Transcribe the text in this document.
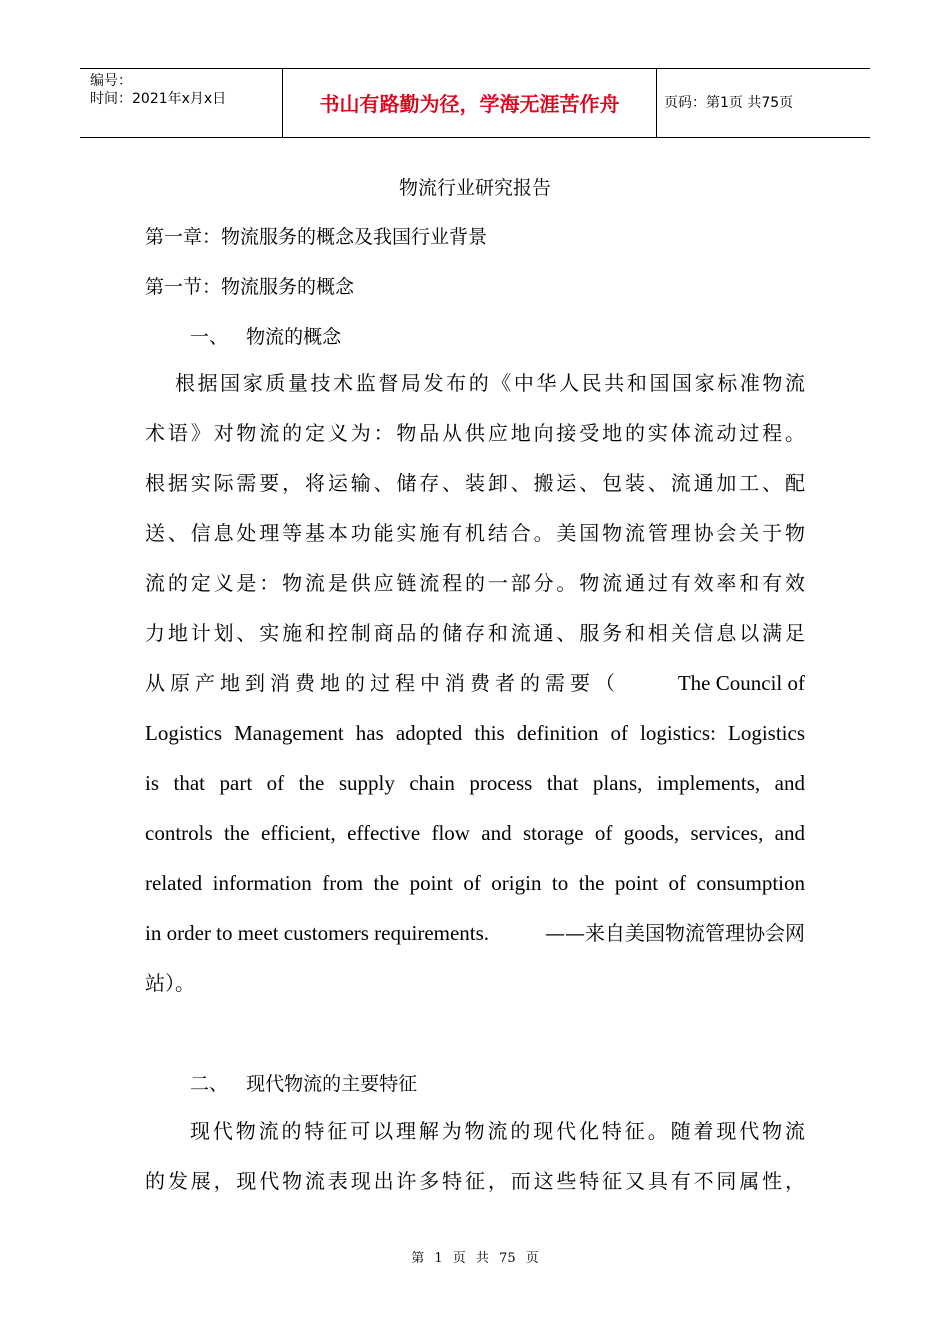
编号：
时间：2021年x月x日	书山有路勤为径，学海无涯苦作舟	页码：第1页 共75页
物流行业研究报告
第一章：物流服务的概念及我国行业背景
第一节：物流服务的概念
一、   物流的概念
根据国家质量技术监督局发布的《中华人民共和国国家标准物流
术语》对物流的定义为：物品从供应地向接受地的实体流动过程。
根据实际需要，将运输、储存、装卸、搬运、包装、流通加工、配
送、信息处理等基本功能实施有机结合。美国物流管理协会关于物
流的定义是：物流是供应链流程的一部分。物流通过有效率和有效
力地计划、实施和控制商品的储存和流通、服务和相关信息以满足
从原产地到消费地的过程中消费者的需要（	The Council of
Logistics Management has adopted this definition of logistics: Logistics
is that part of the supply chain process that plans, implements, and
controls the efficient, effective flow and storage of goods, services, and
related information from the point of origin to the point of consumption
in order to meet customers requirements.	——来自美国物流管理协会网
站）。
二、   现代物流的主要特征
现代物流的特征可以理解为物流的现代化特征。随着现代物流
的发展，现代物流表现出许多特征，而这些特征又具有不同属性，
第 1 页 共 75 页
